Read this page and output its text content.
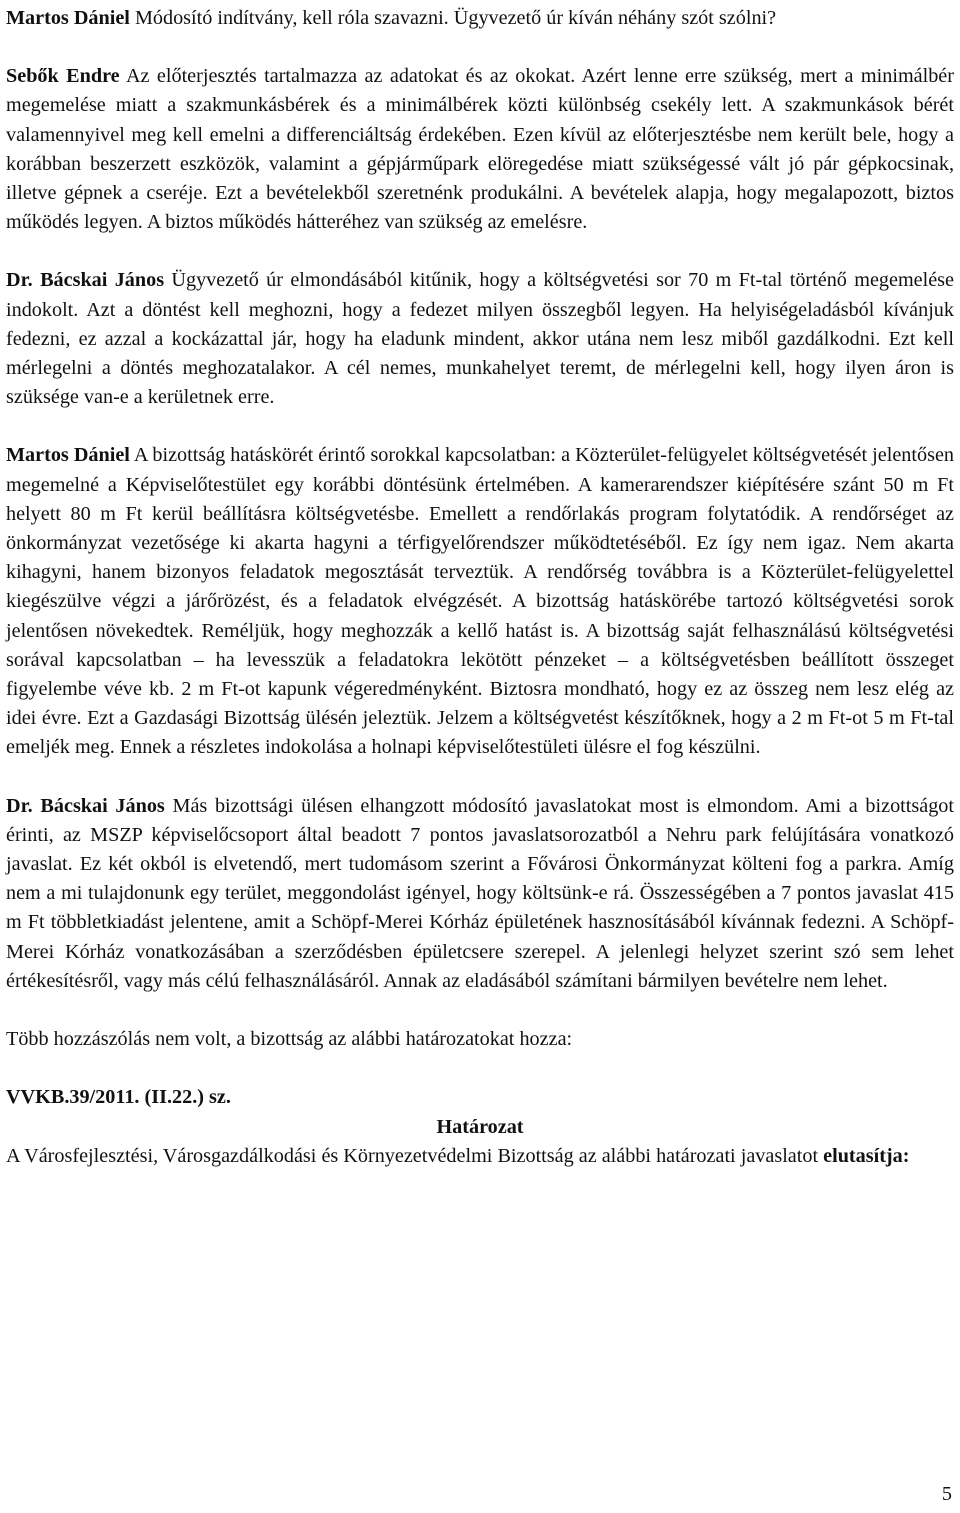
Martos Dániel Módosító indítvány, kell róla szavazni. Ügyvezető úr kíván néhány szót szólni?

Sebők Endre Az előterjesztés tartalmazza az adatokat és az okokat. Azért lenne erre szükség, mert a minimálbér megemelése miatt a szakmunkásbérek és a minimálbérek közti különbség csekély lett. A szakmunkások bérét valamennyivel meg kell emelni a differenciáltság érdekében. Ezen kívül az előterjesztésbe nem került bele, hogy a korábban beszerzett eszközök, valamint a gépjárműpark elöregedése miatt szükségessé vált jó pár gépkocsinak, illetve gépnek a cseréje. Ezt a bevételekből szeretnénk produkálni. A bevételek alapja, hogy megalapozott, biztos működés legyen. A biztos működés hátteréhez van szükség az emelésre.

Dr. Bácskai János Ügyvezető úr elmondásából kitűnik, hogy a költségvetési sor 70 m Ft-tal történő megemelése indokolt. Azt a döntést kell meghozni, hogy a fedezet milyen összegből legyen. Ha helyiségeladásból kívánjuk fedezni, ez azzal a kockázattal jár, hogy ha eladunk mindent, akkor utána nem lesz miből gazdálkodni. Ezt kell mérlegelni a döntés meghozatalakor. A cél nemes, munkahelyet teremt, de mérlegelni kell, hogy ilyen áron is szüksége van-e a kerületnek erre.

Martos Dániel A bizottság hatáskörét érintő sorokkal kapcsolatban: a Közterület-felügyelet költségvetését jelentősen megemelné a Képviselőtestület egy korábbi döntésünk értelmében. A kamerarendszer kiépítésére szánt 50 m Ft helyett 80 m Ft kerül beállításra költségvetésbe. Emellett a rendőrlakás program folytatódik. A rendőrséget az önkormányzat vezetősége ki akarta hagyni a térfigyelőrendszer működtetéséből. Ez így nem igaz. Nem akarta kihagyni, hanem bizonyos feladatok megosztását terveztük. A rendőrség továbbra is a Közterület-felügyelettel kiegészülve végzi a járőrözést, és a feladatok elvégzését. A bizottság hatáskörébe tartozó költségvetési sorok jelentősen növekedtek. Reméljük, hogy meghozzák a kellő hatást is. A bizottság saját felhasználású költségvetési sorával kapcsolatban – ha levesszük a feladatokra lekötött pénzeket – a költségvetésben beállított összeget figyelembe véve kb. 2 m Ft-ot kapunk végeredményként. Biztosra mondható, hogy ez az összeg nem lesz elég az idei évre. Ezt a Gazdasági Bizottság ülésén jeleztük. Jelzem a költségvetést készítőknek, hogy a 2 m Ft-ot 5 m Ft-tal emeljék meg. Ennek a részletes indokolása a holnapi képviselőtestületi ülésre el fog készülni.

Dr. Bácskai János Más bizottsági ülésen elhangzott módosító javaslatokat most is elmondom. Ami a bizottságot érinti, az MSZP képviselőcsoport által beadott 7 pontos javaslatsorozatból a Nehru park felújítására vonatkozó javaslat. Ez két okból is elvetendő, mert tudomásom szerint a Fővárosi Önkormányzat költeni fog a parkra. Amíg nem a mi tulajdonunk egy terület, meggondolást igényel, hogy költsünk-e rá. Összességében a 7 pontos javaslat 415 m Ft többletkiadást jelentene, amit a Schöpf-Merei Kórház épületének hasznosításából kívánnak fedezni. A Schöpf-Merei Kórház vonatkozásában a szerződésben épületcsere szerepel. A jelenlegi helyzet szerint szó sem lehet értékesítésről, vagy más célú felhasználásáról. Annak az eladásából számítani bármilyen bevételre nem lehet.

Több hozzászólás nem volt, a bizottság az alábbi határozatokat hozza:

VVKB.39/2011. (II.22.) sz.

Határozat

A Városfejlesztési, Városgazdálkodási és Környezetvédelmi Bizottság az alábbi határozati javaslatot elutasítja:

5
